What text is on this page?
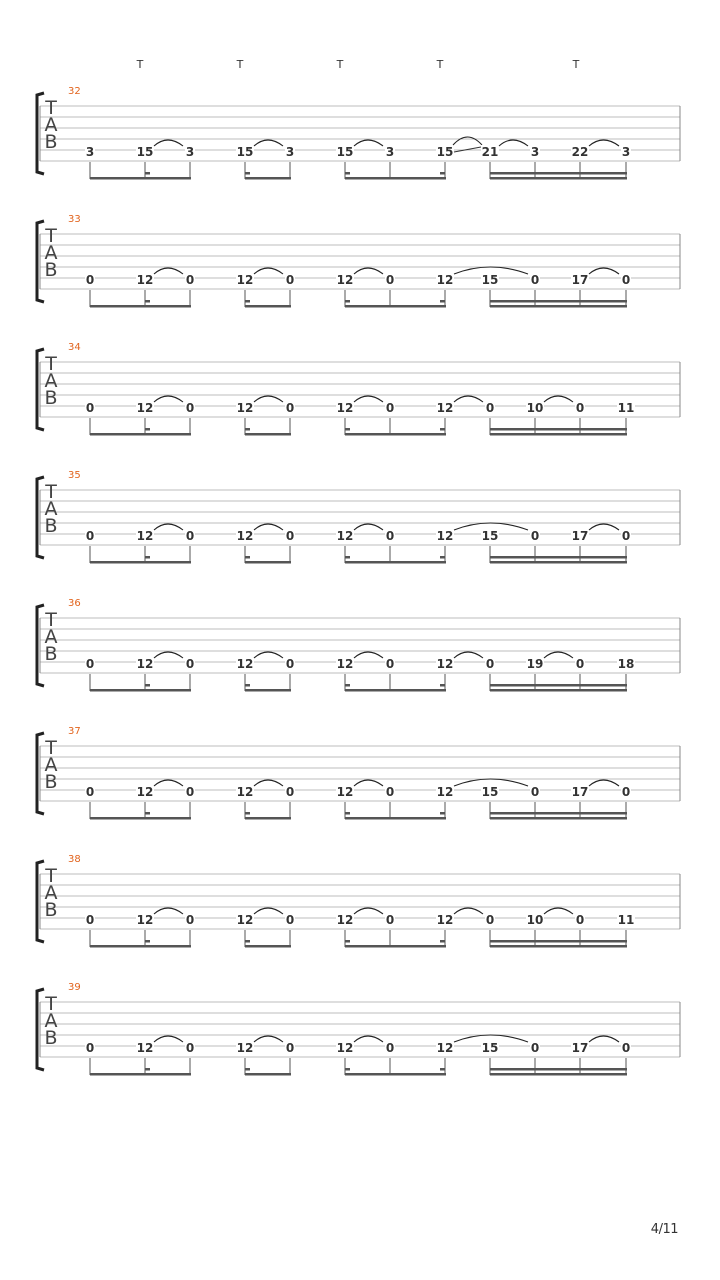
T	T	T	T	T
32
T
A
B 3	15	3	15	3	15	3	15 21	3	22	3
33
T
A
B 0	12	0	12	0	12	0	12 15	0	17	0
34
T
A
B 0	12	0	12	0	12	0	12	0	10	0	11
35
T
A
B 0	12	0	12	0	12	0	12 15	0	17	0
36
T
A
B 0	12	0	12	0	12	0	12	0	19	0	18
37
T
A
B 0	12	0	12	0	12	0	12 15	0	17	0
38
T
A
B 0	12	0	12	0	12	0	12	0	10	0	11
39
T
A
B 0	12	0	12	0	12	0	12 15	0	17	0
4/11
